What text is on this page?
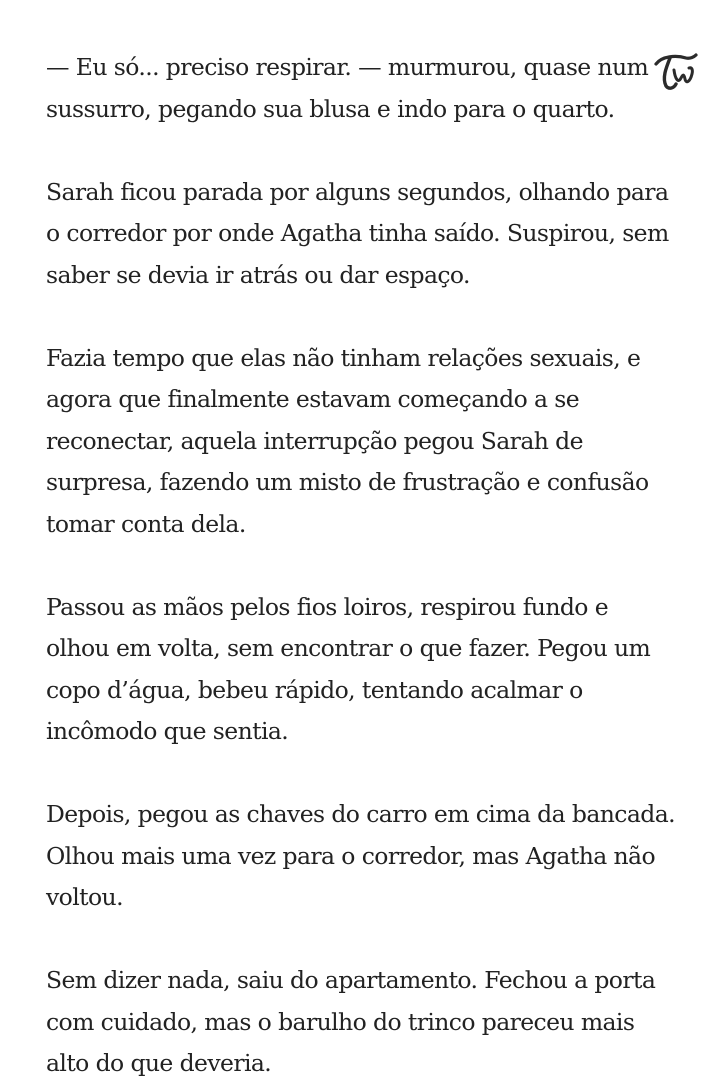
— Eu só... preciso respirar. — murmurou, quase num sussurro, pegando sua blusa e indo para o quarto.

Sarah ficou parada por alguns segundos, olhando para o corredor por onde Agatha tinha saído. Suspirou, sem saber se devia ir atrás ou dar espaço.

Fazia tempo que elas não tinham relações sexuais, e agora que finalmente estavam começando a se reconectar, aquela interrupção pegou Sarah de surpresa, fazendo um misto de frustração e confusão tomar conta dela.

Passou as mãos pelos fios loiros, respirou fundo e olhou em volta, sem encontrar o que fazer. Pegou um copo d’água, bebeu rápido, tentando acalmar o incômodo que sentia.

Depois, pegou as chaves do carro em cima da bancada. Olhou mais uma vez para o corredor, mas Agatha não voltou.

Sem dizer nada, saiu do apartamento. Fechou a porta com cuidado, mas o barulho do trinco pareceu mais alto do que deveria.
